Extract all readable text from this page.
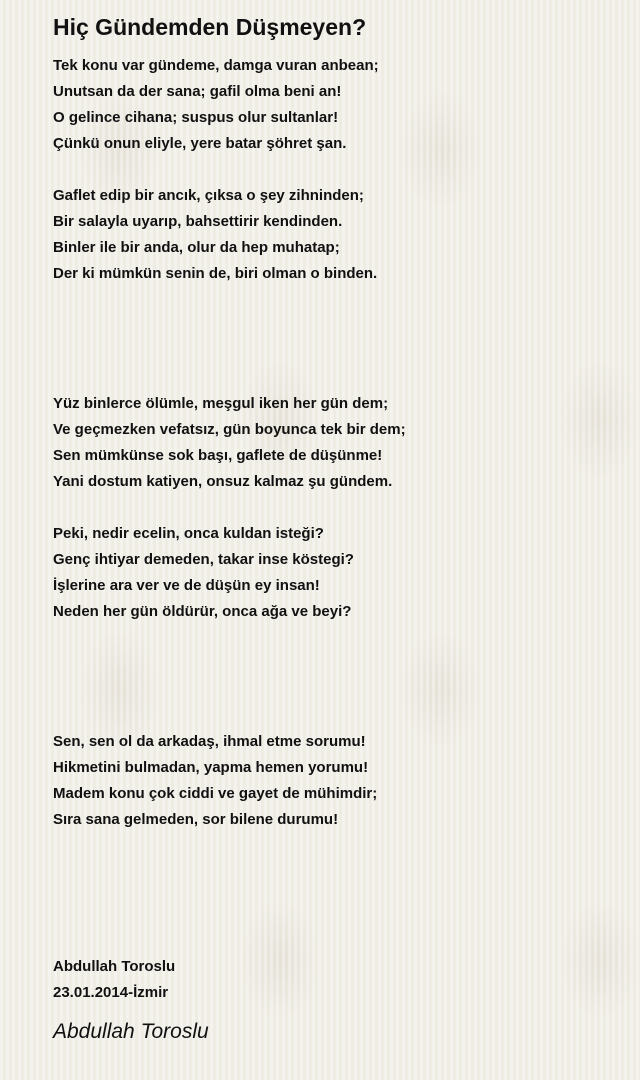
Hiç Gündemden Düşmeyen?
Tek konu var gündeme, damga vuran anbean;
Unutsan da der sana; gafil olma beni an!
O gelince cihana; suspus olur sultanlar!
Çünkü onun eliyle, yere batar şöhret şan.
Gaflet edip bir ancık, çıksa o şey zihninden;
Bir salayla uyarıp, bahsettirir kendinden.
Binler ile bir anda, olur da hep muhatap;
Der ki mümkün senin de, biri olman o binden.
Yüz binlerce ölümle, meşgul iken her gün dem;
Ve geçmezken vefatsız, gün boyunca tek bir dem;
Sen mümkünse sok başı, gaflete de düşünme!
Yani dostum katiyen, onsuz kalmaz şu gündem.
Peki, nedir ecelin, onca kuldan isteği?
Genç ihtiyar demeden, takar inse köstegi?
İşlerine ara ver ve de düşün ey insan!
Neden her gün öldürür, onca ağa ve beyi?
Sen, sen ol da arkadaş, ihmal etme sorumu!
Hikmetini bulmadan, yapma hemen yorumu!
Madem konu çok ciddi ve gayet de mühimdir;
Sıra sana gelmeden, sor bilene durumu!
Abdullah Toroslu
23.01.2014-İzmir
Abdullah Toroslu
